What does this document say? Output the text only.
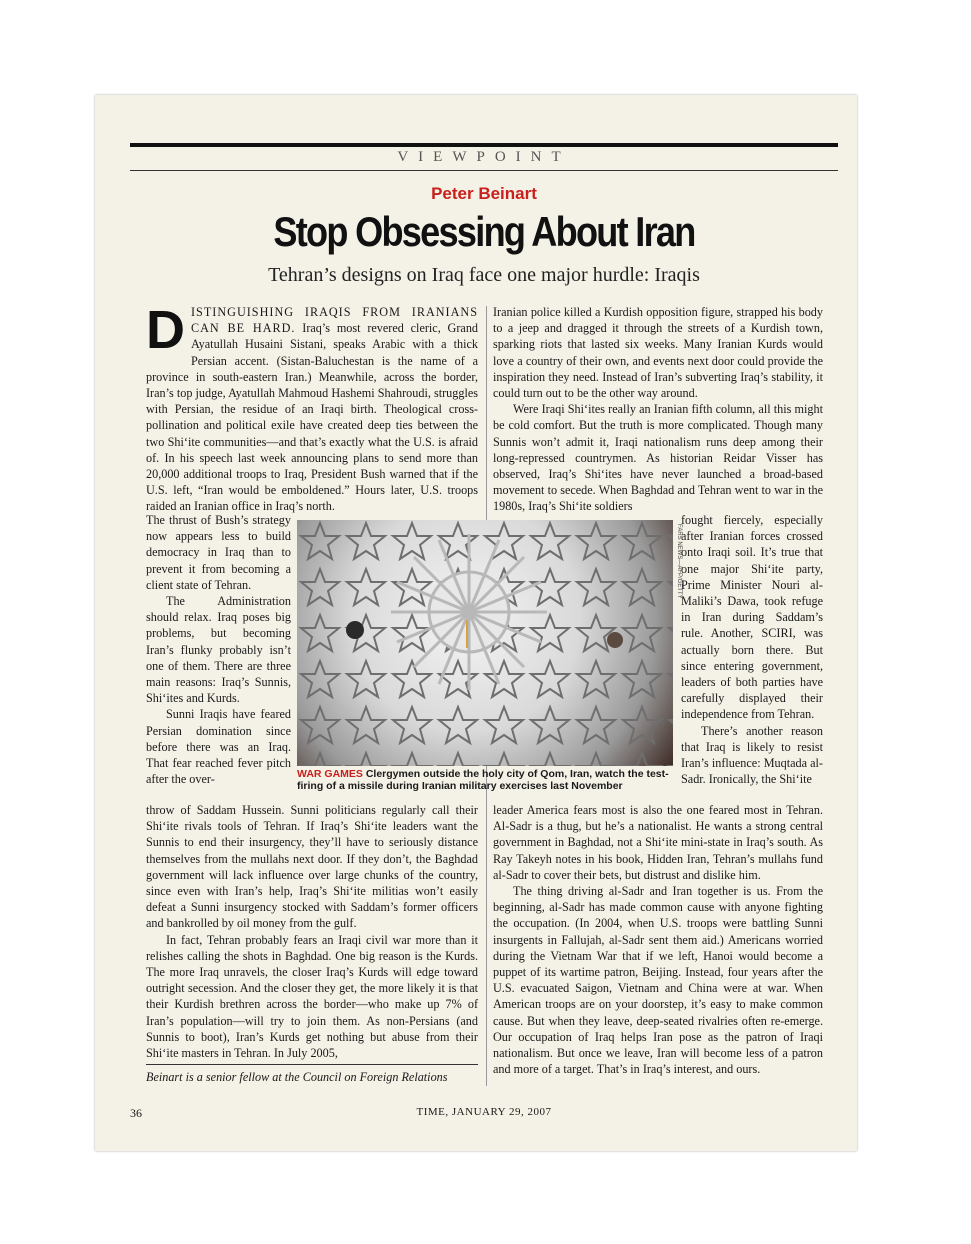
VIEWPOINT
Peter Beinart
Stop Obsessing About Iran
Tehran’s designs on Iraq face one major hurdle: Iraqis
D ISTINGUISHING IRAQIS FROM IRANIANS CAN BE HARD. Iraq’s most revered cleric, Grand Ayatullah Husaini Sistani, speaks Arabic with a thick Persian accent. (Sistan-Baluchestan is the name of a province in south-eastern Iran.) Meanwhile, across the border, Iran’s top judge, Ayatullah Mahmoud Hashemi Shahroudi, struggles with Persian, the residue of an Iraqi birth. Theological cross-pollination and political exile have created deep ties between the two Shi‘ite communities—and that’s exactly what the U.S. is afraid of. In his speech last week announcing plans to send more than 20,000 additional troops to Iraq, President Bush warned that if the U.S. left, “Iran would be emboldened.” Hours later, U.S. troops raided an Iranian office in Iraq’s north.

The thrust of Bush’s strategy now appears less to build democracy in Iraq than to prevent it from becoming a client state of Tehran.

The Administration should relax. Iraq poses big problems, but becoming Iran’s flunky probably isn’t one of them. There are three main reasons: Iraq’s Sunnis, Shi‘ites and Kurds.

Sunni Iraqis have feared Persian domination since before there was an Iraq. That fear reached fever pitch after the over-

throw of Saddam Hussein. Sunni politicians regularly call their Shi‘ite rivals tools of Tehran. If Iraq’s Shi‘ite leaders want the Sunnis to end their insurgency, they’ll have to seriously distance themselves from the mullahs next door. If they don’t, the Baghdad government will lack influence over large chunks of the country, since even with Iran’s help, Iraq’s Shi‘ite militias won’t easily defeat a Sunni insurgency stocked with Saddam’s former officers and bankrolled by oil money from the gulf.

In fact, Tehran probably fears an Iraqi civil war more than it relishes calling the shots in Baghdad. One big reason is the Kurds. The more Iraq unravels, the closer Iraq’s Kurds will edge toward outright secession. And the closer they get, the more likely it is that their Kurdish brethren across the border—who make up 7% of Iran’s population—will try to join them. As non-Persians (and Sunnis to boot), Iran’s Kurds get nothing but abuse from their Shi‘ite masters in Tehran. In July 2005,

Iranian police killed a Kurdish opposition figure, strapped his body to a jeep and dragged it through the streets of a Kurdish town, sparking riots that lasted six weeks. Many Iranian Kurds would love a country of their own, and events next door could provide the inspiration they need. Instead of Iran’s subverting Iraq’s stability, it could turn out to be the other way around.

Were Iraqi Shi‘ites really an Iranian fifth column, all this might be cold comfort. But the truth is more complicated. Though many Sunnis won’t admit it, Iraqi nationalism runs deep among their long-repressed countrymen. As historian Reidar Visser has observed, Iraq’s Shi‘ites have never launched a broad-based movement to secede. When Baghdad and Tehran went to war in the 1980s, Iraq’s Shi‘ite soldiers

fought fiercely, especially after Iranian forces crossed onto Iraqi soil. It’s true that one major Shi‘ite party, Prime Minister Nouri al-Maliki’s Dawa, took refuge in Iran during Saddam’s rule. Another, SCIRI, was actually born there. But since entering government, leaders of both parties have carefully displayed their independence from Tehran.

There’s another reason that Iraq is likely to resist Iran’s influence: Muqtada al-Sadr. Ironically, the Shi‘ite

leader America fears most is also the one feared most in Tehran. Al-Sadr is a thug, but he’s a nationalist. He wants a strong central government in Baghdad, not a Shi‘ite mini-state in Iraq’s south. As Ray Takeyh notes in his book, Hidden Iran, Tehran’s mullahs fund al-Sadr to cover their bets, but distrust and dislike him.

The thing driving al-Sadr and Iran together is us. From the beginning, al-Sadr has made common cause with anyone fighting the occupation. (In 2004, when U.S. troops were battling Sunni insurgents in Fallujah, al-Sadr sent them aid.) Americans worried during the Vietnam War that if we left, Hanoi would become a puppet of its wartime patron, Beijing. Instead, four years after the U.S. evacuated Saigon, Vietnam and China were at war. When American troops are on your doorstep, it’s easy to make common cause. But when they leave, deep-seated rivalries often re-emerge. Our occupation of Iraq helps Iran pose as the patron of Iraqi nationalism. But once we leave, Iran will become less of a patron and more of a target. That’s in Iraq’s interest, and ours.

FARS NEWS—AFP/GETTY
WAR GAMES Clergymen outside the holy city of Qom, Iran, watch the test-firing of a missile during Iranian military exercises last November
Beinart is a senior fellow at the Council on Foreign Relations
36	TIME, JANUARY 29, 2007
